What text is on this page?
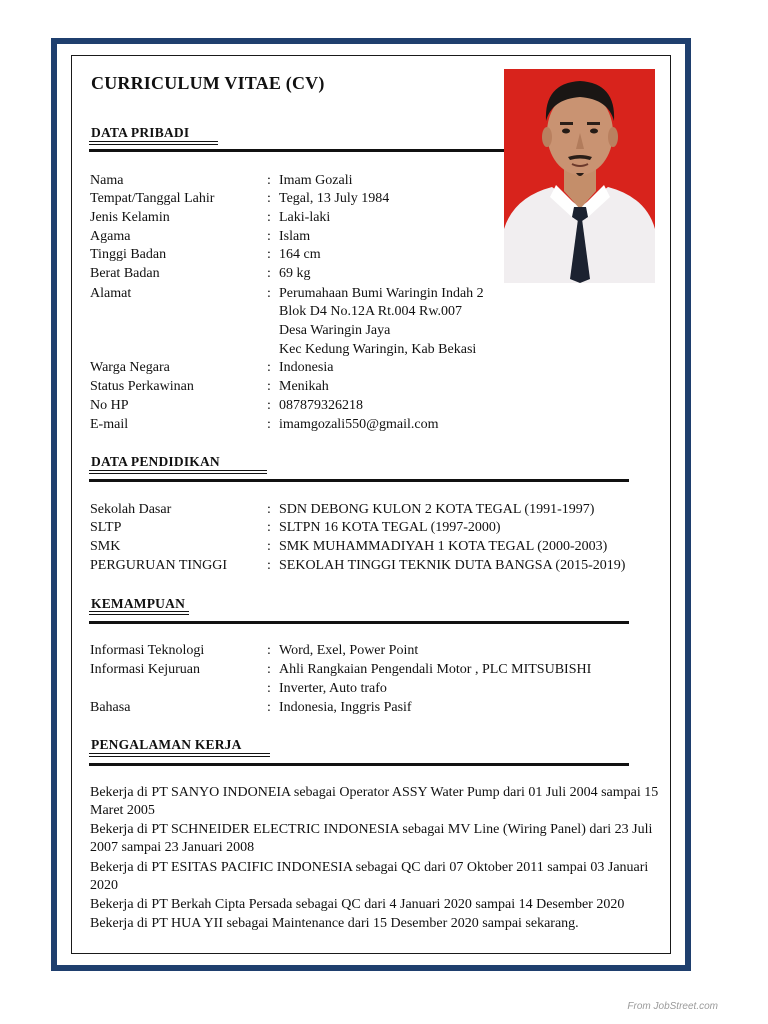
CURRICULUM VITAE (CV)
DATA PRIBADI
Nama	: Imam Gozali
Tempat/Tanggal Lahir	: Tegal, 13 July 1984
Jenis Kelamin	: Laki-laki
Agama	: Islam
Tinggi Badan	: 164 cm
Berat Badan	: 69 kg
Alamat	: Perumahaan Bumi Waringin Indah 2
Blok D4 No.12A Rt.004 Rw.007
Desa Waringin Jaya
Kec Kedung Waringin, Kab Bekasi
Warga Negara	: Indonesia
Status Perkawinan	: Menikah
No HP	: 087879326218
E-mail	: imamgozali550@gmail.com
DATA PENDIDIKAN
Sekolah Dasar	: SDN DEBONG KULON 2 KOTA TEGAL (1991-1997)
SLTP	: SLTPN 16 KOTA TEGAL (1997-2000)
SMK	: SMK MUHAMMADIYAH 1 KOTA TEGAL (2000-2003)
PERGURUAN TINGGI	: SEKOLAH TINGGI TEKNIK DUTA BANGSA (2015-2019)
KEMAMPUAN
Informasi Teknologi	: Word, Exel, Power Point
Informasi Kejuruan	: Ahli Rangkaian Pengendali Motor , PLC MITSUBISHI
: Inverter, Auto trafo
Bahasa	: Indonesia, Inggris Pasif
PENGALAMAN KERJA
Bekerja di PT SANYO INDONEIA sebagai Operator ASSY Water Pump dari 01 Juli 2004 sampai 15 Maret 2005
Bekerja di PT SCHNEIDER ELECTRIC INDONESIA sebagai MV Line (Wiring Panel) dari 23 Juli 2007 sampai 23 Januari 2008
Bekerja di PT ESITAS PACIFIC INDONESIA sebagai QC dari 07 Oktober 2011 sampai 03 Januari 2020
Bekerja di PT Berkah Cipta Persada sebagai QC dari 4 Januari 2020 sampai 14 Desember 2020
Bekerja di PT HUA YII sebagai Maintenance dari 15 Desember 2020 sampai sekarang.
From JobStreet.com
